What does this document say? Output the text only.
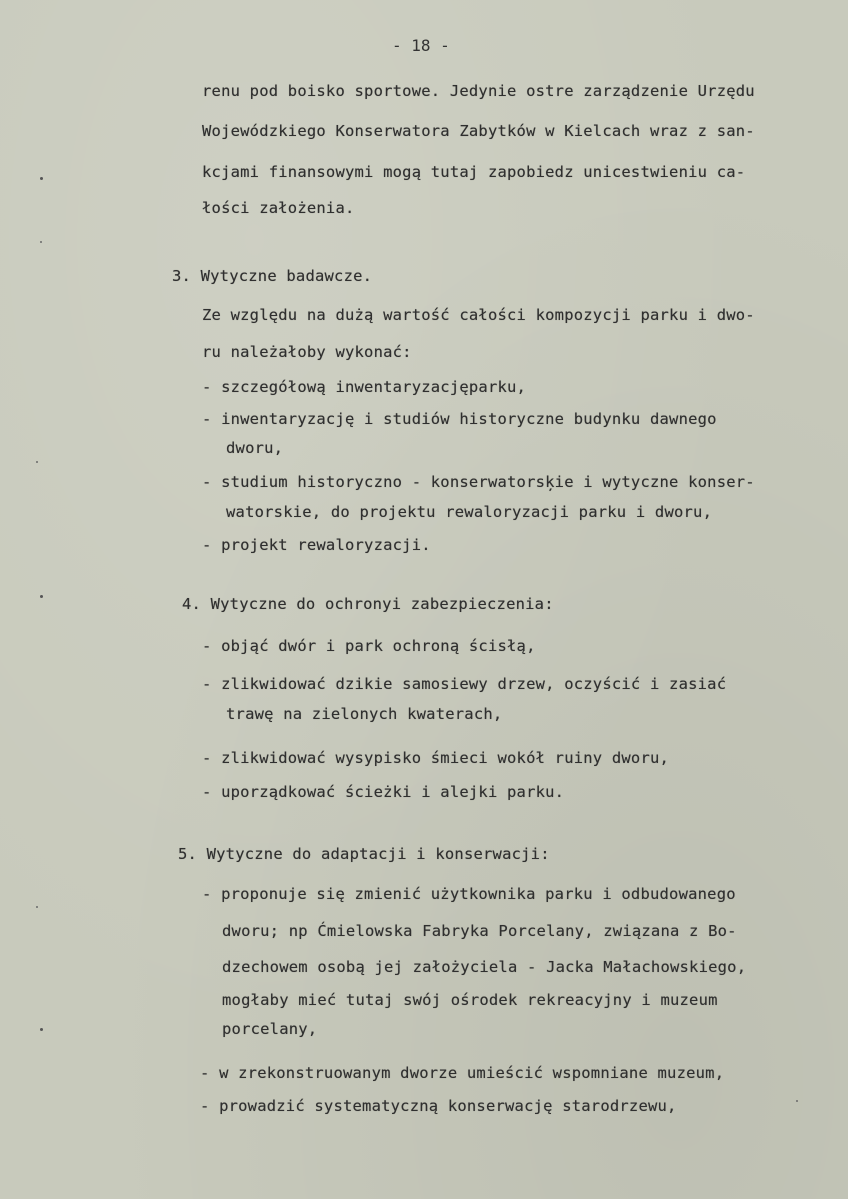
- 18 -
renu pod boisko sportowe. Jedynie ostre zarządzenie Urzędu
Wojewódzkiego Konserwatora Zabytków w Kielcach wraz z san-
kcjami finansowymi mogą tutaj zapobiedz unicestwieniu ca-
łości założenia.
3. Wytyczne badawcze.
Ze względu na dużą wartość całości kompozycji parku i dwo-
ru należałoby wykonać:
- szczegółową inwentaryzacjęparku,
- inwentaryzację i studiów historyczne budynku dawnego
dworu,
- studium historyczno - konserwatorsķie i wytyczne konser-
watorskie, do projektu rewaloryzacji parku i dworu,
- projekt rewaloryzacji.
4. Wytyczne do ochronyi zabezpieczenia:
- objąć dwór i park ochroną ścisłą,
- zlikwidować dzikie samosiewy drzew, oczyścić i zasiać
trawę na zielonych kwaterach,
- zlikwidować wysypisko śmieci wokół ruiny dworu,
- uporządkować ścieżki i alejki parku.
5. Wytyczne do adaptacji i konserwacji:
- proponuje się zmienić użytkownika parku i odbudowanego
dworu; np Ćmielowska Fabryka Porcelany, związana z Bo-
dzechowem osobą jej założyciela - Jacka Małachowskiego,
mogłaby mieć tutaj swój ośrodek rekreacyjny i muzeum
porcelany,
- w zrekonstruowanym dworze umieścić wspomniane muzeum,
- prowadzić systematyczną konserwację starodrzewu,
